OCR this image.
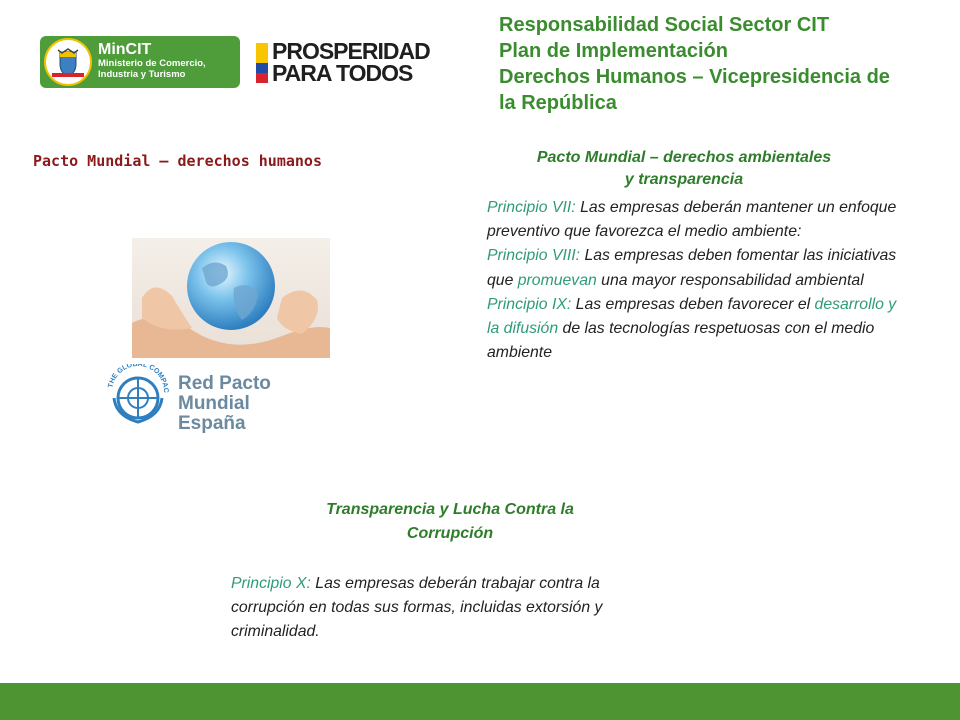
MinCIT
Ministerio de Comercio, Industria y Turismo
PROSPERIDAD
PARA TODOS
Responsabilidad Social Sector CIT
Plan de Implementación
Derechos Humanos – Vicepresidencia de
la República
Pacto Mundial – derechos humanos
THE GLOBAL COMPAC Red Pacto Mundial
España
Pacto Mundial – derechos ambientales
y transparencia
Principio VII: Las empresas deberán mantener un enfoque preventivo que favorezca el medio ambiente:
Principio VIII: Las empresas deben fomentar las iniciativas que promuevan una mayor responsabilidad ambiental
Principio IX: Las empresas deben favorecer el desarrollo y la difusión de las tecnologías respetuosas con el medio ambiente
Transparencia y Lucha Contra la
Corrupción
Principio X: Las empresas deberán trabajar contra la corrupción en todas sus formas, incluidas extorsión y criminalidad.
